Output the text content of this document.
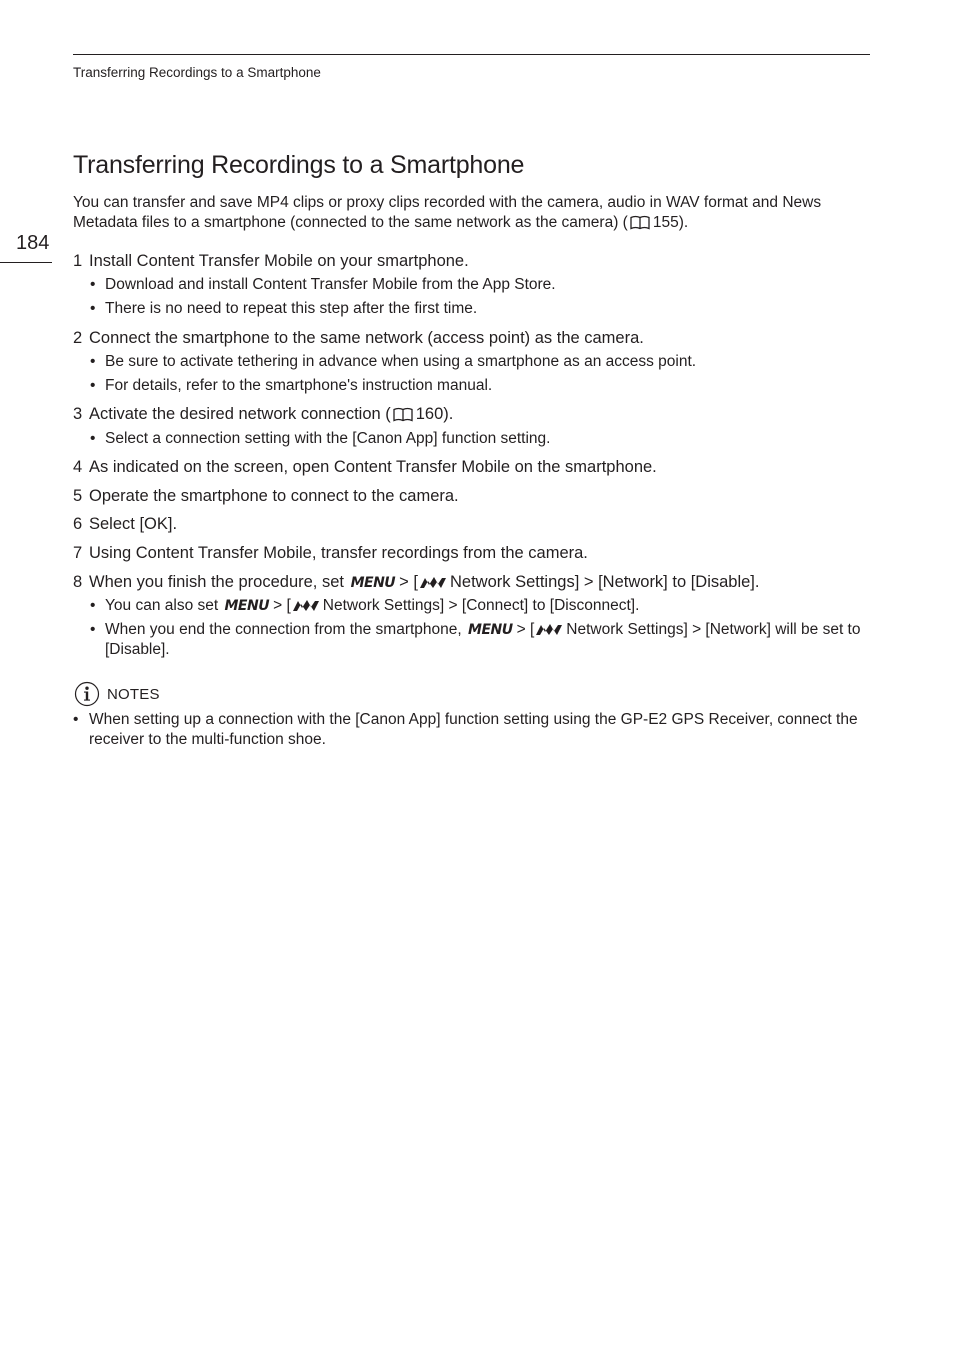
Transferring Recordings to a Smartphone
184
Transferring Recordings to a Smartphone

You can transfer and save MP4 clips or proxy clips recorded with the camera, audio in WAV format and News Metadata files to a smartphone (connected to the same network as the camera) ( 155).

1 Install Content Transfer Mobile on your smartphone.
• Download and install Content Transfer Mobile from the App Store.
• There is no need to repeat this step after the first time.
2 Connect the smartphone to the same network (access point) as the camera.
• Be sure to activate tethering in advance when using a smartphone as an access point.
• For details, refer to the smartphone's instruction manual.
3 Activate the desired network connection ( 160).
• Select a connection setting with the [Canon App] function setting.
4 As indicated on the screen, open Content Transfer Mobile on the smartphone.
5 Operate the smartphone to connect to the camera.
6 Select [OK].
7 Using Content Transfer Mobile, transfer recordings from the camera.
8 When you finish the procedure, set MENU > [ Network Settings] > [Network] to [Disable].
• You can also set MENU > [ Network Settings] > [Connect] to [Disconnect].
• When you end the connection from the smartphone, MENU > [ Network Settings] > [Network] will be set to [Disable].
NOTES
• When setting up a connection with the [Canon App] function setting using the GP-E2 GPS Receiver, connect the receiver to the multi-function shoe.
